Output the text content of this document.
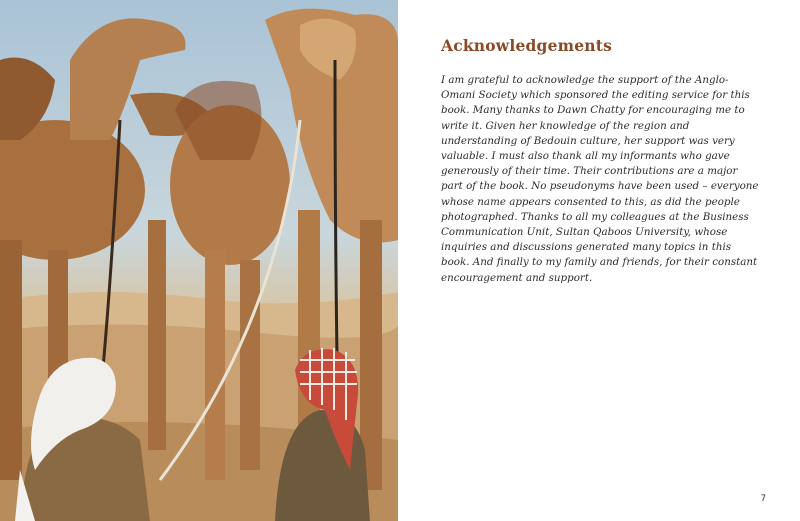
Acknowledgements

I am grateful to acknowledge the support of the Anglo-Omani Society which sponsored the editing service for this book. Many thanks to Dawn Chatty for encouraging me to write it. Given her knowledge of the region and understanding of Bedouin culture, her support was very valuable. I must also thank all my informants who gave generously of their time. Their contributions are a major part of the book. No pseudonyms have been used – everyone whose name appears consented to this, as did the people photographed. Thanks to all my colleagues at the Business Communication Unit, Sultan Qaboos University, whose inquiries and discussions generated many topics in this book. And finally to my family and friends, for their constant encouragement and support.

7
